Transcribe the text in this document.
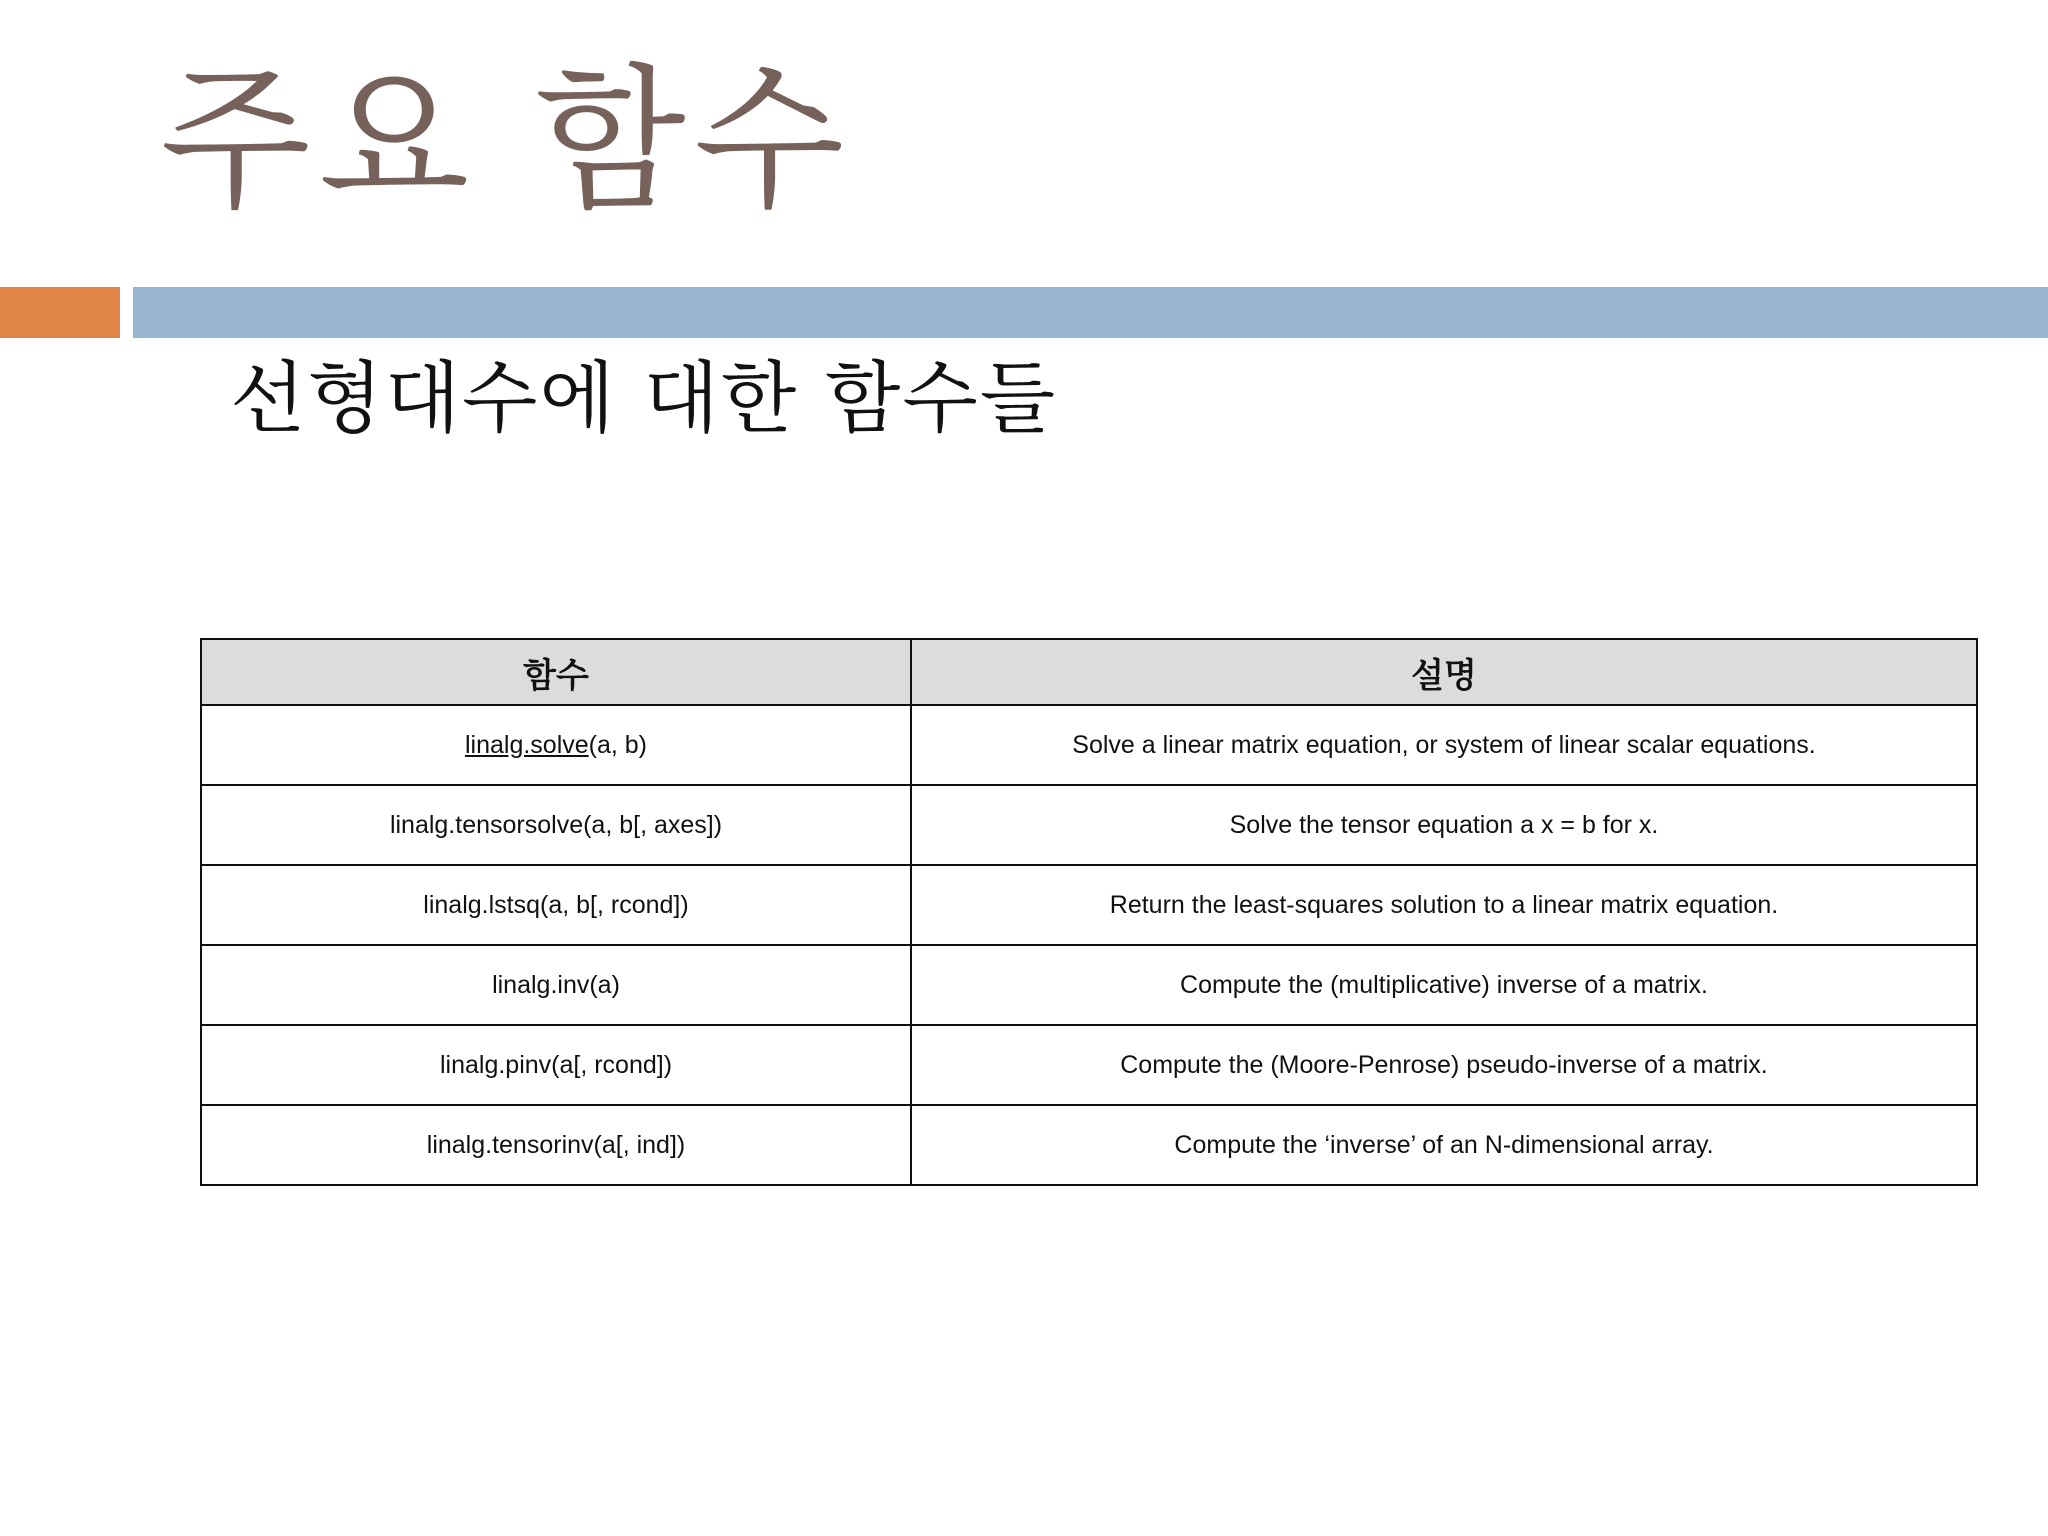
주요 함수
선형대수에 대한 함수들
함수	설명
linalg.solve(a, b)	Solve a linear matrix equation, or system of linear scalar equations.
linalg.tensorsolve(a, b[, axes])	Solve the tensor equation a x = b for x.
linalg.lstsq(a, b[, rcond])	Return the least-squares solution to a linear matrix equation.
linalg.inv(a)	Compute the (multiplicative) inverse of a matrix.
linalg.pinv(a[, rcond])	Compute the (Moore-Penrose) pseudo-inverse of a matrix.
linalg.tensorinv(a[, ind])	Compute the ‘inverse’ of an N-dimensional array.
